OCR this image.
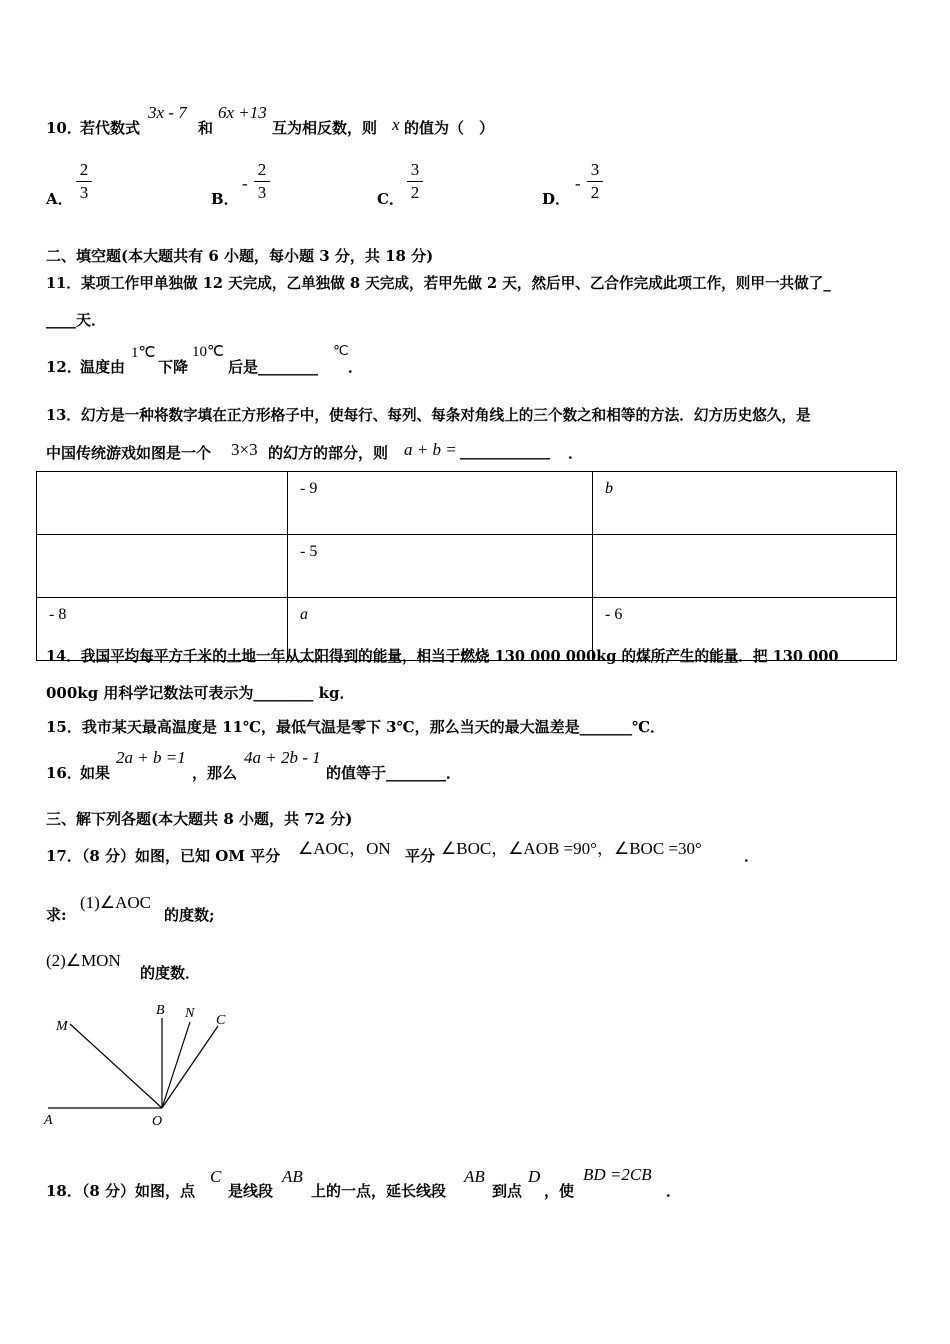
10．
若代数式
3x - 7
和
6x +13
互为相反数，则 x 的值为（　）
A．
2
3	B．
-
2
3	C．
3
2	D．
-
3
2
二、填空题(本大题共有 6 小题，每小题 3 分，共 18 分)
11．某项工作甲单独做 12 天完成，乙单独做 8 天完成，若甲先做 2 天，然后甲、乙合作完成此项工作，则甲一共做了_
____天．
12．
温度由
1℃
下降
10℃
后是________
℃
．
13．幻方是一种将数字填在正方形格子中，使每行、每列、每条对角线上的三个数之和相等的方法．幻方历史悠久，是
中国传统游戏如图是一个 3×3 的幻方的部分，则 a + b = ____________ ．
	- 9	b
	- 5	
- 8	a	- 6
14．我国平均每平方千米的土地一年从太阳得到的能量，相当于燃烧 130 000 000kg 的煤所产生的能量．把 130 000
000kg 用科学记数法可表示为________ kg．
15．我市某天最高温度是 11℃，最低气温是零下 3℃，那么当天的最大温差是_______℃．
16．
如果
2a + b =1
，那么
4a + 2b - 1
的值等于________．
三、解下列各题(本大题共 8 小题，共 72 分)
17．（8 分）如图，已知 OM 平分 ∠AOC，ON 平分 ∠BOC，∠AOB =90°，∠BOC =30°	．
求:
(1)∠AOC
的度数;
(2)∠MON
的度数．
M
B N C
A	O
18．（8 分）如图，点
C
是线段
AB
上的一点，延长线段
AB
到点
D
，使
BD =2CB
．
